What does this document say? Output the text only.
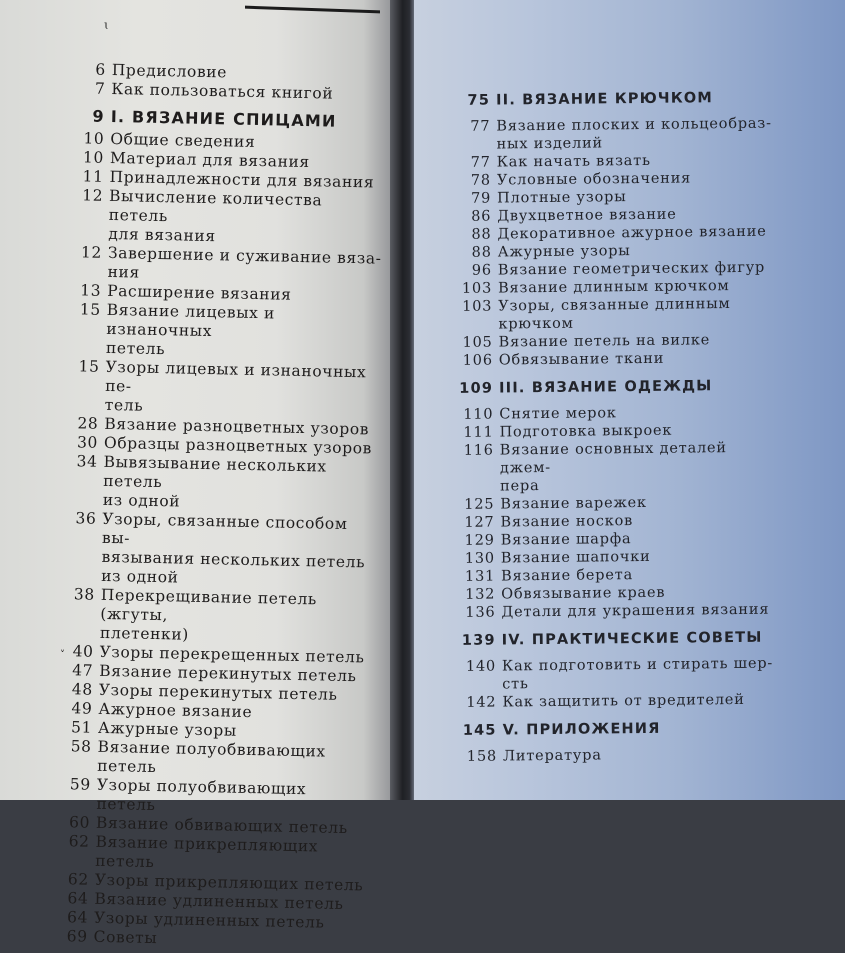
ɩ
˅
6 Предисловие
7 Как пользоваться книгой
9 I. ВЯЗАНИЕ СПИЦАМИ
10 Общие сведения
10 Материал для вязания
11 Принадлежности для вязания
12 Вычисление количества петель
для вязания
12 Завершение и суживание вяза-
ния
13 Расширение вязания
15 Вязание лицевых и изнаночных
петель
15 Узоры лицевых и изнаночных пе-
тель
28 Вязание разноцветных узоров
30 Образцы разноцветных узоров
34 Вывязывание нескольких петель
из одной
36 Узоры, связанные способом вы-
вязывания нескольких петель
из одной
38 Перекрещивание петель (жгуты,
плетенки)
40 Узоры перекрещенных петель
47 Вязание перекинутых петель
48 Узоры перекинутых петель
49 Ажурное вязание
51 Ажурные узоры
58 Вязание полуобвивающих петель
59 Узоры полуобвивающих петель
60 Вязание обвивающих петель
62 Вязание прикрепляющих петель
62 Узоры прикрепляющих петель
64 Вязание удлиненных петель
64 Узоры удлиненных петель
69 Советы
75 II. ВЯЗАНИЕ КРЮЧКОМ
77 Вязание плоских и кольцеобраз-
ных изделий
77 Как начать вязать
78 Условные обозначения
79 Плотные узоры
86 Двухцветное вязание
88 Декоративное ажурное вязание
88 Ажурные узоры
96 Вязание геометрических фигур
103 Вязание длинным крючком
103 Узоры, связанные длинным
крючком
105 Вязание петель на вилке
106 Обвязывание ткани
109 III. ВЯЗАНИЕ ОДЕЖДЫ
110 Снятие мерок
111 Подготовка выкроек
116 Вязание основных деталей джем-
пера
125 Вязание варежек
127 Вязание носков
129 Вязание шарфа
130 Вязание шапочки
131 Вязание берета
132 Обвязывание краев
136 Детали для украшения вязания
139 IV. ПРАКТИЧЕСКИЕ СОВЕТЫ
140 Как подготовить и стирать шер-
сть
142 Как защитить от вредителей
145 V. ПРИЛОЖЕНИЯ
158 Литература
